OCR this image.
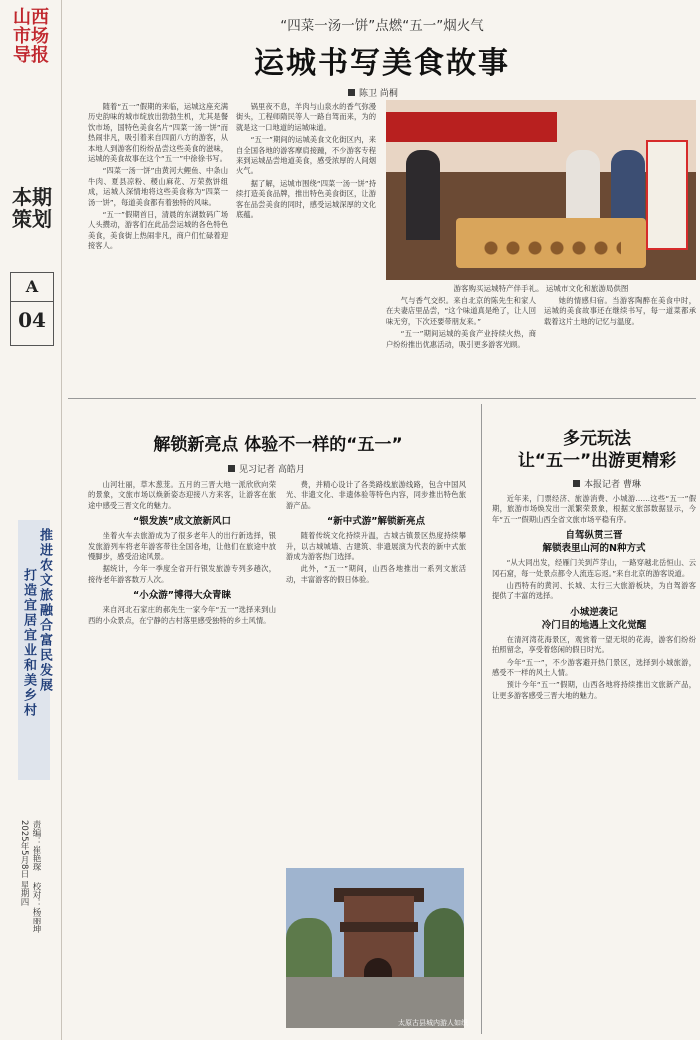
山西
市场
导报
本期
策划
A
04
推进农文旅融合富民发展
打造宜居宜业和美乡村
责编：崔艳琛 校对：杨丽坤 2025年5月8日 星期四
“四菜一汤一饼”点燃“五一”烟火气
运城书写美食故事
陈卫 尚桐

随着“五一”假期的来临，运城这座充满历史韵味的城市绽放出勃勃生机，尤其是餐饮市场，国特色美食名片“四菜一汤一饼”而热闹非凡，吸引着来自四面八方的游客，从本地人到游客们纷纷品尝这些美食的滋味，运城的美食故事在这个“五一”中徐徐书写。

“四菜一汤一饼”由黄河大鲤鱼、中条山牛肉、夏县凉粉、稷山麻花、万荣熬饼组成，运城人深情地将这些美食称为“四菜一汤一饼”，每道美食都有着独特的风味。

“五一”假期首日，清晨的东湖数码广场人头攒动，游客们在此品尝运城的各色特色美食，美食街上热闹非凡，商户们忙碌着迎接客人。

锅里夜不息，羊肉与山泉水的香气弥漫街头，工程师隋民等人一路自驾而来，为的就是这一口地道的运城味道。

“五一”期间的运城美食文化街区内，来自全国各地的游客摩肩接踵，不少游客专程来到运城品尝地道美食，感受浓厚的人间烟火气。

据了解，运城市围绕“四菜一汤一饼”持续打造美食品牌，推出特色美食街区，让游客在品尝美食的同时，感受运城深厚的文化底蕴。

游客购买运城特产伴手礼。 运城市文化和旅游局供图

气与香气交织。来自北京的陈先生和家人在夫妻店里品尝，“这个味道真是绝了，让人回味无穷，下次还要带朋友来。”

“五一”期间运城的美食产业持续火热，商户纷纷推出优惠活动，吸引更多游客光顾。

她的情感归宿。当游客陶醉在美食中时，运城的美食故事还在继续书写，每一道菜都承载着这片土地的记忆与温度。

解锁新亮点 体验不一样的“五一”
见习记者 高皓月

山河壮丽，草木葱茏。五月的三晋大地一派欣欣向荣的景象，文旅市场以焕新姿态迎接八方来客，让游客在旅途中感受三晋文化的魅力。

“银发族”成文旅新风口

坐着火车去旅游成为了很多老年人的出行新选择，银发旅游列车将老年游客带往全国各地，让他们在旅途中放慢脚步，感受沿途风景。

据统计，今年一季度全省开行银发旅游专列多趟次，接待老年游客数万人次。

“小众游”博得大众青睐

来自河北石家庄的郝先生一家今年“五一”选择来到山西的小众景点，在宁静的古村落里感受独特的乡土风情。

费，并精心设计了各类路线旅游线路，包含中国风光、非遗文化、非遗体验等特色内容，同步推出特色旅游产品。

“新中式游”解锁新亮点

随着传统文化持续升温，古城古镇景区热度持续攀升，以古城城墙、古建筑、非遗展演为代表的新中式旅游成为游客热门选择。

此外，“五一”期间，山西各地推出一系列文旅活动，丰富游客的假日体验。

太原古县城内游人如织
多元玩法
让“五一”出游更精彩
本报记者 曹琳

近年来，门票经济、旅游消费、小城游……这些“五一”假期，旅游市场焕发出一派繁荣景象，根据文旅部数据显示，今年“五一”假期山西全省文旅市场平稳有序。

自驾纵贯三晋
解锁表里山河的N种方式

“从大同出发，经雁门关到芦芽山，一路穿越北岳恒山、云冈石窟，每一处景点都令人流连忘返。”来自北京的游客说道。

山西特有的黄河、长城、太行三大旅游板块，为自驾游客提供了丰富的选择。

小城逆袭记
冷门目的地遇上文化觉醒

在清河湾花海景区，观赏着一望无垠的花海，游客们纷纷拍照留念，享受着悠闲的假日时光。

今年“五一”，不少游客避开热门景区，选择到小城旅游，感受不一样的风土人情。

预计今年“五一”假期，山西各地将持续推出文旅新产品，让更多游客感受三晋大地的魅力。
